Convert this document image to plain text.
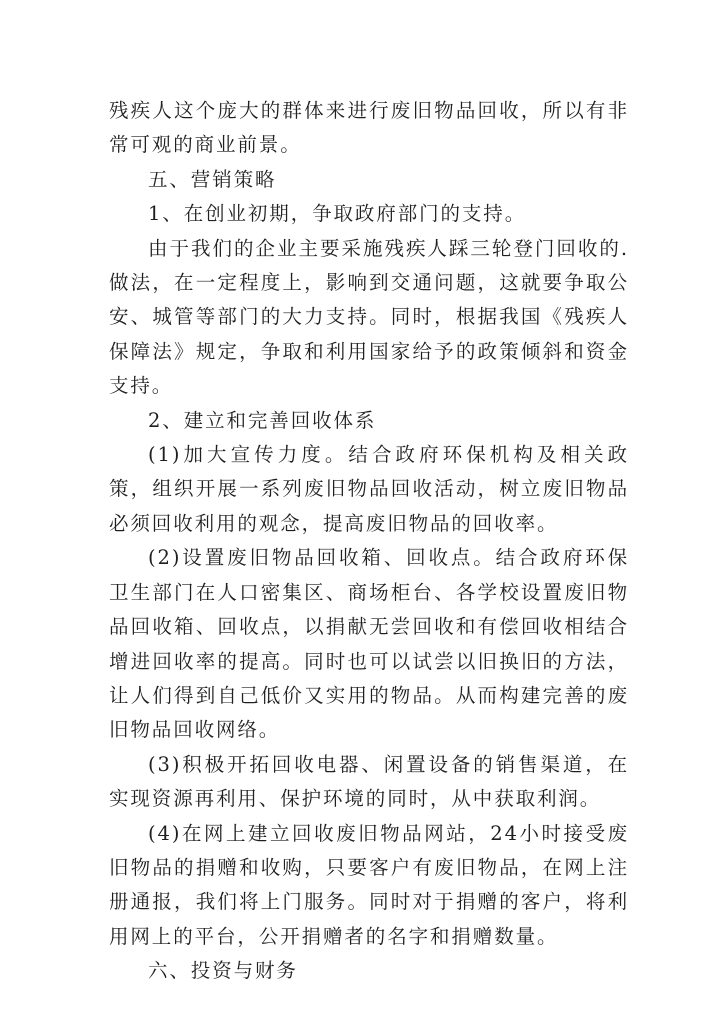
残疾人这个庞大的群体来进行废旧物品回收，所以有非常可观的商业前景。

五、营销策略

1、在创业初期，争取政府部门的支持。

由于我们的企业主要采施残疾人踩三轮登门回收的.做法，在一定程度上，影响到交通问题，这就要争取公安、城管等部门的大力支持。同时，根据我国《残疾人保障法》规定，争取和利用国家给予的政策倾斜和资金支持。

2、建立和完善回收体系

(1)加大宣传力度。结合政府环保机构及相关政策，组织开展一系列废旧物品回收活动，树立废旧物品必须回收利用的观念，提高废旧物品的回收率。

(2)设置废旧物品回收箱、回收点。结合政府环保卫生部门在人口密集区、商场柜台、各学校设置废旧物品回收箱、回收点，以捐献无尝回收和有偿回收相结合增进回收率的提高。同时也可以试尝以旧换旧的方法，让人们得到自己低价又实用的物品。从而构建完善的废旧物品回收网络。

(3)积极开拓回收电器、闲置设备的销售渠道，在实现资源再利用、保护环境的同时，从中获取利润。

(4)在网上建立回收废旧物品网站，24小时接受废旧物品的捐赠和收购，只要客户有废旧物品，在网上注册通报，我们将上门服务。同时对于捐赠的客户，将利用网上的平台，公开捐赠者的名字和捐赠数量。

六、投资与财务
